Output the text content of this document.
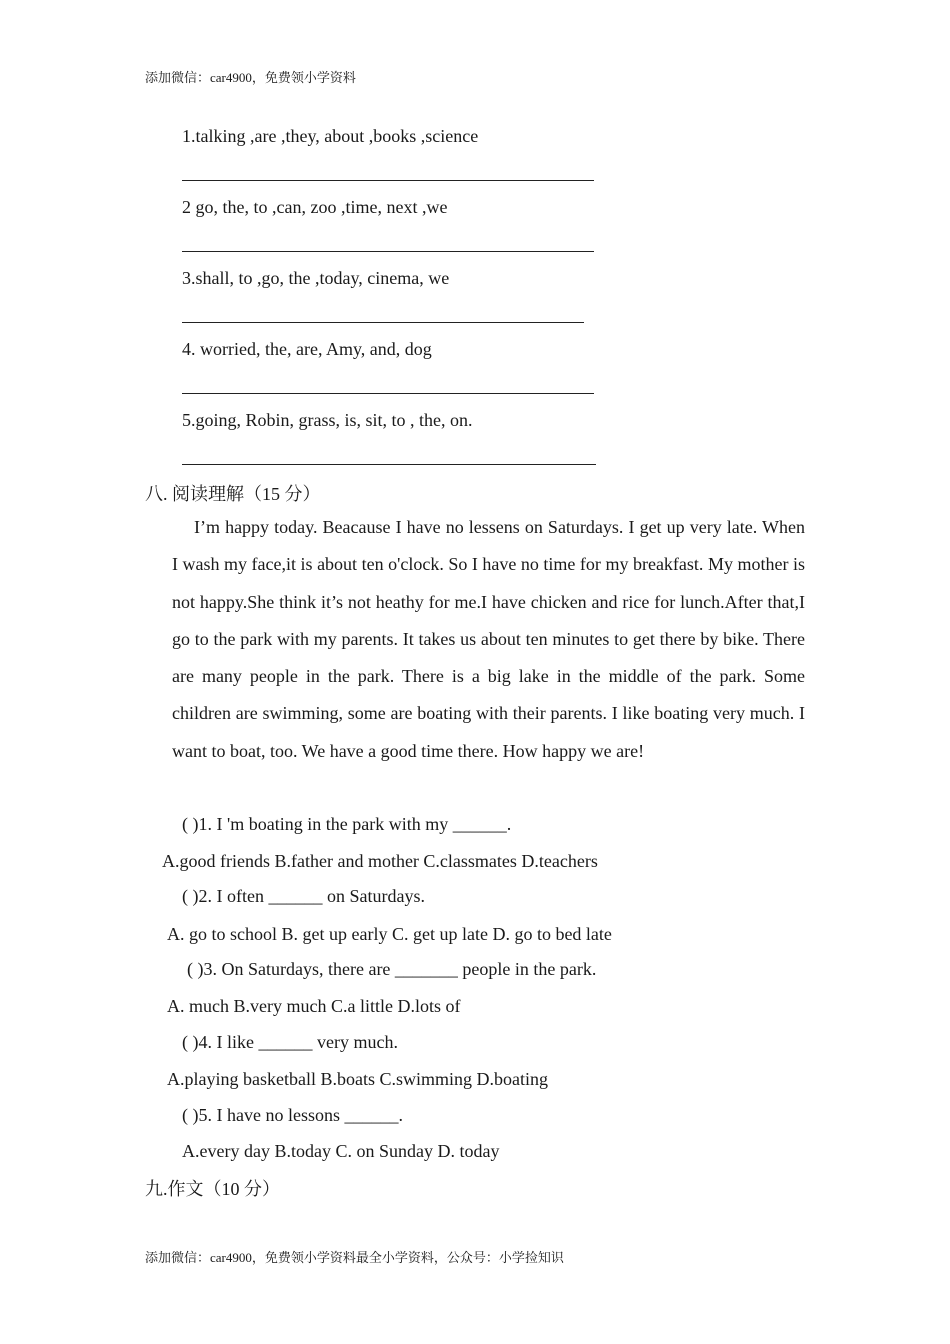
添加微信：car4900，免费领小学资料
1.talking ,are ,they, about ,books ,science
2 go, the, to ,can, zoo ,time, next ,we
3.shall, to ,go, the ,today, cinema, we
4. worried, the, are, Amy, and, dog
5.going, Robin, grass, is, sit, to , the, on.
八. 阅读理解（15 分）
I’m happy today. Beacause I have no lessens on Saturdays. I get up very late. When I wash my face,it is about ten o'clock. So I have no time for my breakfast. My mother is not happy.She think it’s not heathy for me.I have chicken and rice for lunch.After that,I go to the park with my parents. It takes us about ten minutes to get there by bike. There are many people in the park. There is a big lake in the middle of the park. Some children are swimming, some are boating with their parents. I like boating very much. I want to boat, too. We have a good time there. How happy we are!
( )1. I 'm boating in the park with my ______.
A.good friends B.father and mother C.classmates D.teachers
( )2. I often ______ on Saturdays.
A. go to school B. get up early C. get up late D. go to bed late
( )3. On Saturdays, there are _______ people in the park.
A. much B.very much C.a little D.lots of
( )4. I like ______ very much.
A.playing basketball B.boats C.swimming D.boating
( )5. I have no lessons ______.
A.every day B.today C. on Sunday D. today
九.作文（10 分）
添加微信：car4900，免费领小学资料最全小学资料，公众号：小学捡知识
